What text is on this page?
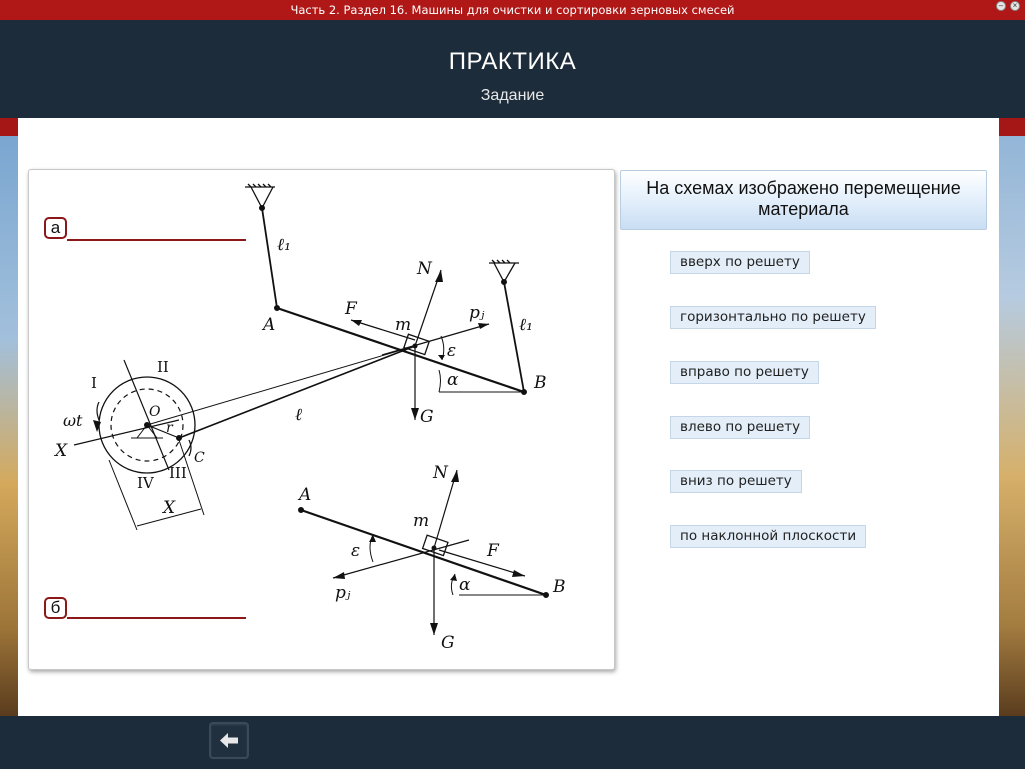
Часть 2. Раздел 16. Машины для очистки и сортировки зерновых смесей	–	×
ПРАКТИКА
Задание
ℓ₁
ℓ₁
A
B
N
F
m
pⱼ
ε
α
G
ℓ
O
r
C
X
X
ωt
I
II
III
IV
A
B
N
m
F
ε
pⱼ	α
G
а
б
На схемах изображено перемещение материала
вверх по решету
горизонтально по решету
вправо по решету
влево по решету
вниз по решету
по наклонной плоскости
